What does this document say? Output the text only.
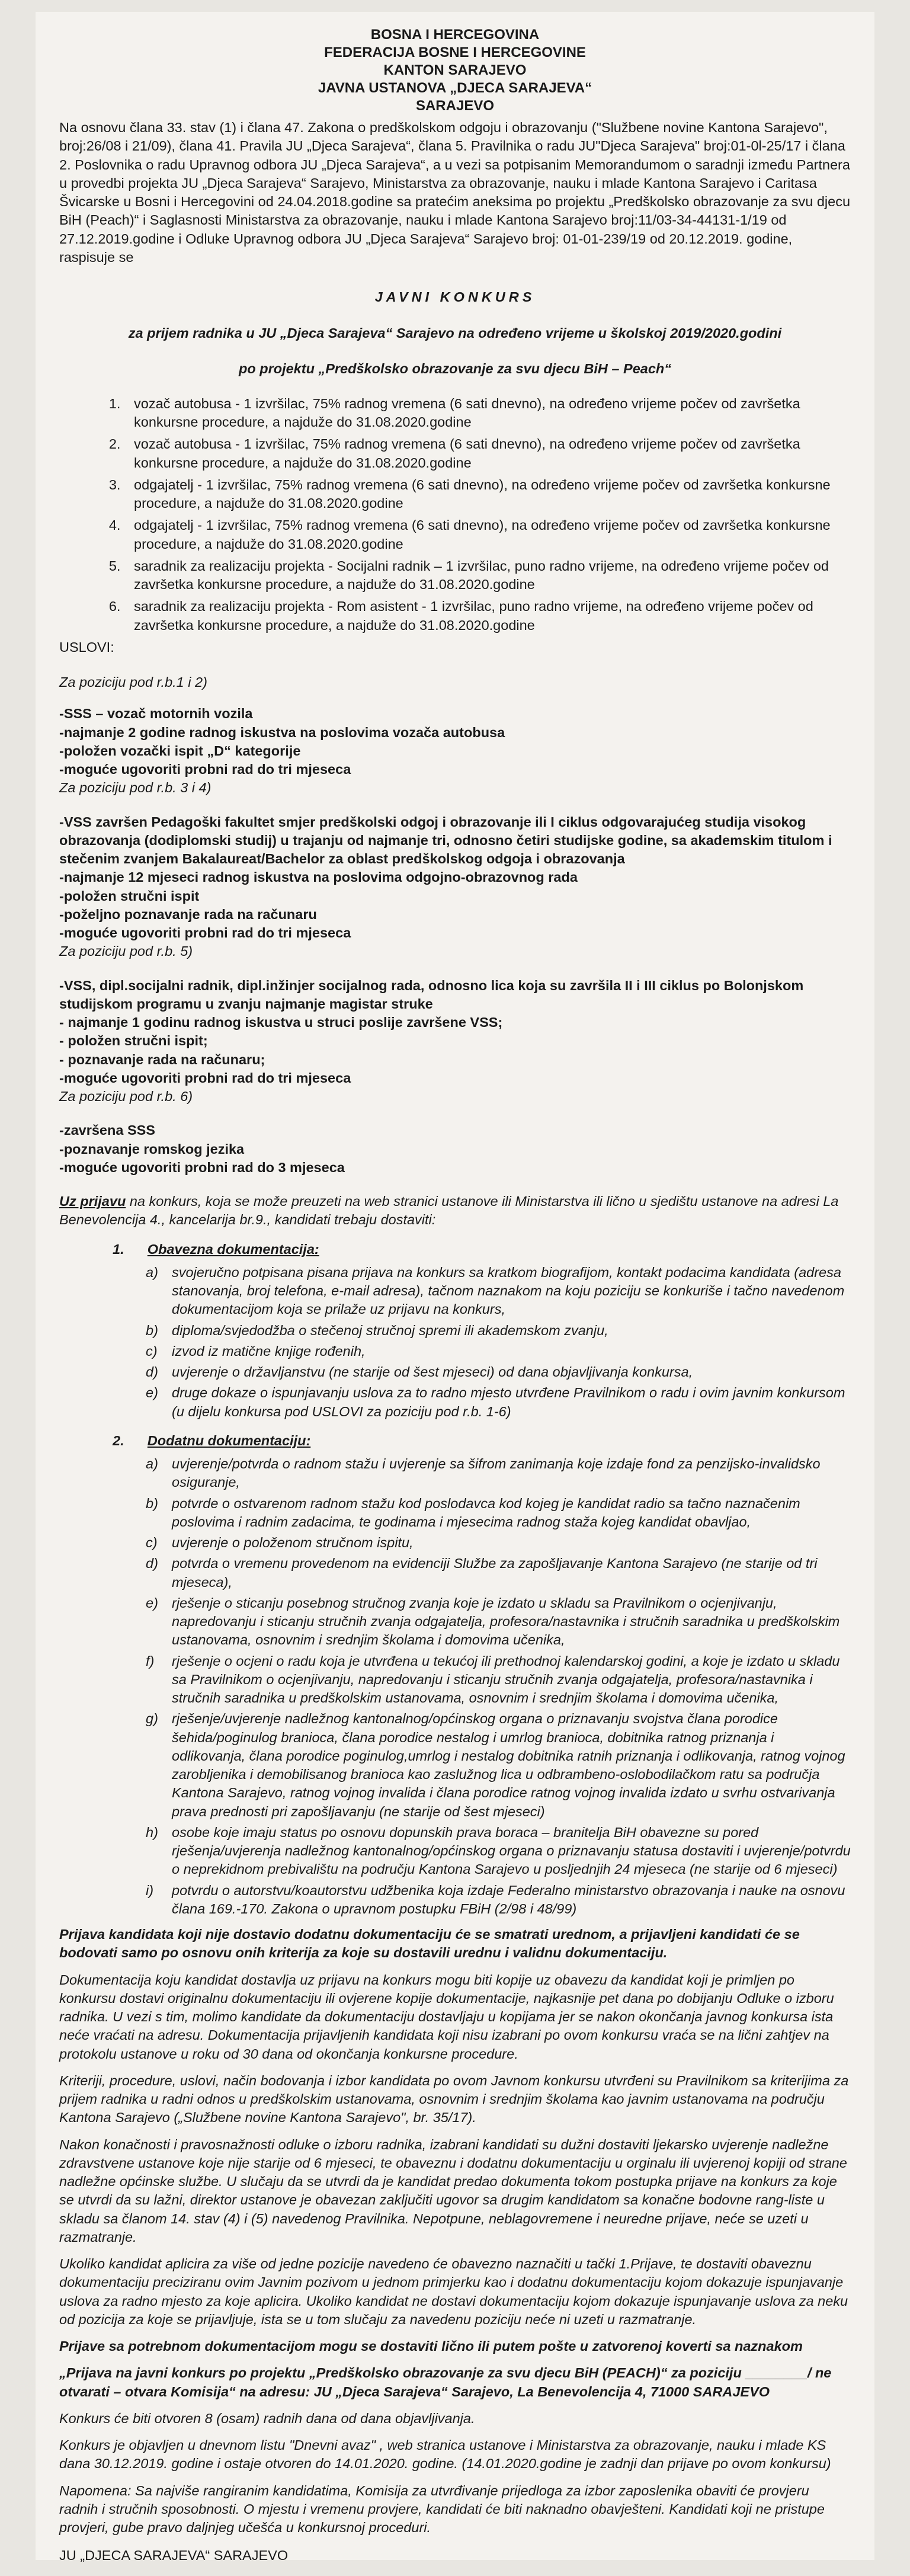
BOSNA I HERCEGOVINA
FEDERACIJA BOSNE I HERCEGOVINE
KANTON SARAJEVO
JAVNA USTANOVA „DJECA SARAJEVA“
SARAJEVO

Na osnovu člana 33. stav (1) i člana 47. Zakona o predškolskom odgoju i obrazovanju ("Službene novine Kantona Sarajevo", broj:26/08 i 21/09), člana 41. Pravila JU „Djeca Sarajeva“, člana 5. Pravilnika o radu JU"Djeca Sarajeva" broj:01-0l-25/17 i člana 2. Poslovnika o radu Upravnog odbora JU „Djeca Sarajeva“, a u vezi sa potpisanim Memorandumom o saradnji između Partnera u provedbi projekta JU „Djeca Sarajeva“ Sarajevo, Ministarstva za obrazovanje, nauku i mlade Kantona Sarajevo i Caritasa Švicarske u Bosni i Hercegovini od 24.04.2018.godine sa pratećim aneksima po projektu „Predškolsko obrazovanje za svu djecu BiH (Peach)“ i Saglasnosti Ministarstva za obrazovanje, nauku i mlade Kantona Sarajevo broj:11/03-34-44131-1/19 od 27.12.2019.godine i Odluke Upravnog odbora JU „Djeca Sarajeva“ Sarajevo broj: 01-01-239/19 od 20.12.2019. godine, raspisuje se

JAVNI KONKURS
za prijem radnika u JU „Djeca Sarajeva“ Sarajevo na određeno vrijeme u školskoj 2019/2020.godini
po projektu „Predškolsko obrazovanje za svu djecu BiH – Peach“
1. vozač autobusa - 1 izvršilac, 75% radnog vremena (6 sati dnevno), na određeno vrijeme počev od završetka konkursne procedure, a najduže do 31.08.2020.godine
2. vozač autobusa - 1 izvršilac, 75% radnog vremena (6 sati dnevno), na određeno vrijeme počev od završetka konkursne procedure, a najduže do 31.08.2020.godine
3. odgajatelj - 1 izvršilac, 75% radnog vremena (6 sati dnevno), na određeno vrijeme počev od završetka konkursne procedure, a najduže do 31.08.2020.godine
4. odgajatelj - 1 izvršilac, 75% radnog vremena (6 sati dnevno), na određeno vrijeme počev od završetka konkursne procedure, a najduže do 31.08.2020.godine
5. saradnik za realizaciju projekta - Socijalni radnik – 1 izvršilac, puno radno vrijeme, na određeno vrijeme počev od završetka konkursne procedure, a najduže do 31.08.2020.godine
6. saradnik za realizaciju projekta - Rom asistent - 1 izvršilac, puno radno vrijeme, na određeno vrijeme počev od završetka konkursne procedure, a najduže do 31.08.2020.godine
USLOVI:
Za poziciju pod r.b.1 i 2)
-SSS – vozač motornih vozila
-najmanje 2 godine radnog iskustva na poslovima vozača autobusa
-položen vozački ispit „D“ kategorije
-moguće ugovoriti probni rad do tri mjeseca
Za poziciju pod r.b. 3 i 4)
-VSS završen Pedagoški fakultet smjer predškolski odgoj i obrazovanje ili I ciklus odgovarajućeg studija visokog obrazovanja (dodiplomski studij) u trajanju od najmanje tri, odnosno četiri studijske godine, sa akademskim titulom i stečenim zvanjem Bakalaureat/Bachelor za oblast predškolskog odgoja i obrazovanja
-najmanje 12 mjeseci radnog iskustva na poslovima odgojno-obrazovnog rada
-položen stručni ispit
-poželjno poznavanje rada na računaru
-moguće ugovoriti probni rad do tri mjeseca
Za poziciju pod r.b. 5)
-VSS, dipl.socijalni radnik, dipl.inžinjer socijalnog rada, odnosno lica koja su završila II i III ciklus po Bolonjskom studijskom programu u zvanju najmanje magistar struke
- najmanje 1 godinu radnog iskustva u struci poslije završene VSS;
- položen stručni ispit;
- poznavanje rada na računaru;
-moguće ugovoriti probni rad do tri mjeseca
Za poziciju pod r.b. 6)
-završena SSS
-poznavanje romskog jezika
-moguće ugovoriti probni rad do 3 mjeseca

Uz prijavu na konkurs, koja se može preuzeti na web stranici ustanove ili Ministarstva ili lično u sjedištu ustanove na adresi La Benevolencija 4., kancelarija br.9., kandidati trebaju dostaviti:

1. Obavezna dokumentacija:
a) svojeručno potpisana pisana prijava na konkurs sa kratkom biografijom, kontakt podacima kandidata (adresa stanovanja, broj telefona, e-mail adresa), tačnom naznakom na koju poziciju se konkuriše i tačno navedenom dokumentacijom koja se prilaže uz prijavu na konkurs,
b) diploma/svjedodžba o stečenoj stručnoj spremi ili akademskom zvanju,
c) izvod iz matične knjige rođenih,
d) uvjerenje o državljanstvu (ne starije od šest mjeseci) od dana objavljivanja konkursa,
e) druge dokaze o ispunjavanju uslova za to radno mjesto utvrđene Pravilnikom o radu i ovim javnim konkursom (u dijelu konkursa pod USLOVI za poziciju pod r.b. 1-6)
2. Dodatnu dokumentaciju:
a) uvjerenje/potvrda o radnom stažu i uvjerenje sa šifrom zanimanja koje izdaje fond za penzijsko-invalidsko osiguranje,
b) potvrde o ostvarenom radnom stažu kod poslodavca kod kojeg je kandidat radio sa tačno naznačenim poslovima i radnim zadacima, te godinama i mjesecima radnog staža kojeg kandidat obavljao,
c) uvjerenje o položenom stručnom ispitu,
d) potvrda o vremenu provedenom na evidenciji Službe za zapošljavanje Kantona Sarajevo (ne starije od tri mjeseca),
e) rješenje o sticanju posebnog stručnog zvanja koje je izdato u skladu sa Pravilnikom o ocjenjivanju, napredovanju i sticanju stručnih zvanja odgajatelja, profesora/nastavnika i stručnih saradnika u predškolskim ustanovama, osnovnim i srednjim školama i domovima učenika,
f) rješenje o ocjeni o radu koja je utvrđena u tekućoj ili prethodnoj kalendarskoj godini, a koje je izdato u skladu sa Pravilnikom o ocjenjivanju, napredovanju i sticanju stručnih zvanja odgajatelja, profesora/nastavnika i stručnih saradnika u predškolskim ustanovama, osnovnim i srednjim školama i domovima učenika,
g) rješenje/uvjerenje nadležnog kantonalnog/općinskog organa o priznavanju svojstva člana porodice šehida/poginulog branioca, člana porodice nestalog i umrlog branioca, dobitnika ratnog priznanja i odlikovanja, člana porodice poginulog,umrlog i nestalog dobitnika ratnih priznanja i odlikovanja, ratnog vojnog zarobljenika i demobilisanog branioca kao zaslužnog lica u odbrambeno-oslobodilačkom ratu sa područja Kantona Sarajevo, ratnog vojnog invalida i člana porodice ratnog vojnog invalida izdato u svrhu ostvarivanja prava prednosti pri zapošljavanju (ne starije od šest mjeseci)
h) osobe koje imaju status po osnovu dopunskih prava boraca – branitelja BiH obavezne su pored rješenja/uvjerenja nadležnog kantonalnog/općinskog organa o priznavanju statusa dostaviti i uvjerenje/potvrdu o neprekidnom prebivalištu na području Kantona Sarajevo u posljednjih 24 mjeseca (ne starije od 6 mjeseci)
i) potvrdu o autorstvu/koautorstvu udžbenika koja izdaje Federalno ministarstvo obrazovanja i nauke na osnovu člana 169.-170. Zakona o upravnom postupku FBiH (2/98 i 48/99)

Prijava kandidata koji nije dostavio dodatnu dokumentaciju će se smatrati urednom, a prijavljeni kandidati će se bodovati samo po osnovu onih kriterija za koje su dostavili urednu i validnu dokumentaciju.

Dokumentacija koju kandidat dostavlja uz prijavu na konkurs mogu biti kopije uz obavezu da kandidat koji je primljen po konkursu dostavi originalnu dokumentaciju ili ovjerene kopije dokumentacije, najkasnije pet dana po dobijanju Odluke o izboru radnika. U vezi s tim, molimo kandidate da dokumentaciju dostavljaju u kopijama jer se nakon okončanja javnog konkursa ista neće vraćati na adresu. Dokumentacija prijavljenih kandidata koji nisu izabrani po ovom konkursu vraća se na lični zahtjev na protokolu ustanove u roku od 30 dana od okončanja konkursne procedure.

Kriteriji, procedure, uslovi, način bodovanja i izbor kandidata po ovom Javnom konkursu utvrđeni su Pravilnikom sa kriterijima za prijem radnika u radni odnos u predškolskim ustanovama, osnovnim i srednjim školama kao javnim ustanovama na području Kantona Sarajevo („Službene novine Kantona Sarajevo", br. 35/17).

Nakon konačnosti i pravosnažnosti odluke o izboru radnika, izabrani kandidati su dužni dostaviti ljekarsko uvjerenje nadležne zdravstvene ustanove koje nije starije od 6 mjeseci, te obaveznu i dodatnu dokumentaciju u orginalu ili uvjerenoj kopiji od strane nadležne općinske službe. U slučaju da se utvrdi da je kandidat predao dokumenta tokom postupka prijave na konkurs za koje se utvrdi da su lažni, direktor ustanove je obavezan zaključiti ugovor sa drugim kandidatom sa konačne bodovne rang-liste u skladu sa članom 14. stav (4) i (5) navedenog Pravilnika. Nepotpune, neblagovremene i neuredne prijave, neće se uzeti u razmatranje.

Ukoliko kandidat aplicira za više od jedne pozicije navedeno će obavezno naznačiti u tački 1.Prijave, te dostaviti obaveznu dokumentaciju preciziranu ovim Javnim pozivom u jednom primjerku kao i dodatnu dokumentaciju kojom dokazuje ispunjavanje uslova za radno mjesto za koje aplicira. Ukoliko kandidat ne dostavi dokumentaciju kojom dokazuje ispunjavanje uslova za neku od pozicija za koje se prijavljuje, ista se u tom slučaju za navedenu poziciju neće ni uzeti u razmatranje.

Prijave sa potrebnom dokumentacijom mogu se dostaviti lično ili putem pošte u zatvorenoj koverti sa naznakom

„Prijava na javni konkurs po projektu „Predškolsko obrazovanje za svu djecu BiH (PEACH)“ za poziciju ________/ ne otvarati – otvara Komisija“ na adresu: JU „Djeca Sarajeva“ Sarajevo, La Benevolencija 4, 71000 SARAJEVO

Konkurs će biti otvoren 8 (osam) radnih dana od dana objavljivanja.

Konkurs je objavljen u dnevnom listu "Dnevni avaz" , web stranica ustanove i Ministarstva za obrazovanje, nauku i mlade KS dana 30.12.2019. godine i ostaje otvoren do 14.01.2020. godine. (14.01.2020.godine je zadnji dan prijave po ovom konkursu)

Napomena: Sa najviše rangiranim kandidatima, Komisija za utvrđivanje prijedloga za izbor zaposlenika obaviti će provjeru radnih i stručnih sposobnosti. O mjestu i vremenu provjere, kandidati će biti naknadno obavješteni. Kandidati koji ne pristupe provjeri, gube pravo daljnjeg učešća u konkursnoj proceduri.

JU „DJECA SARAJEVA“ SARAJEVO
